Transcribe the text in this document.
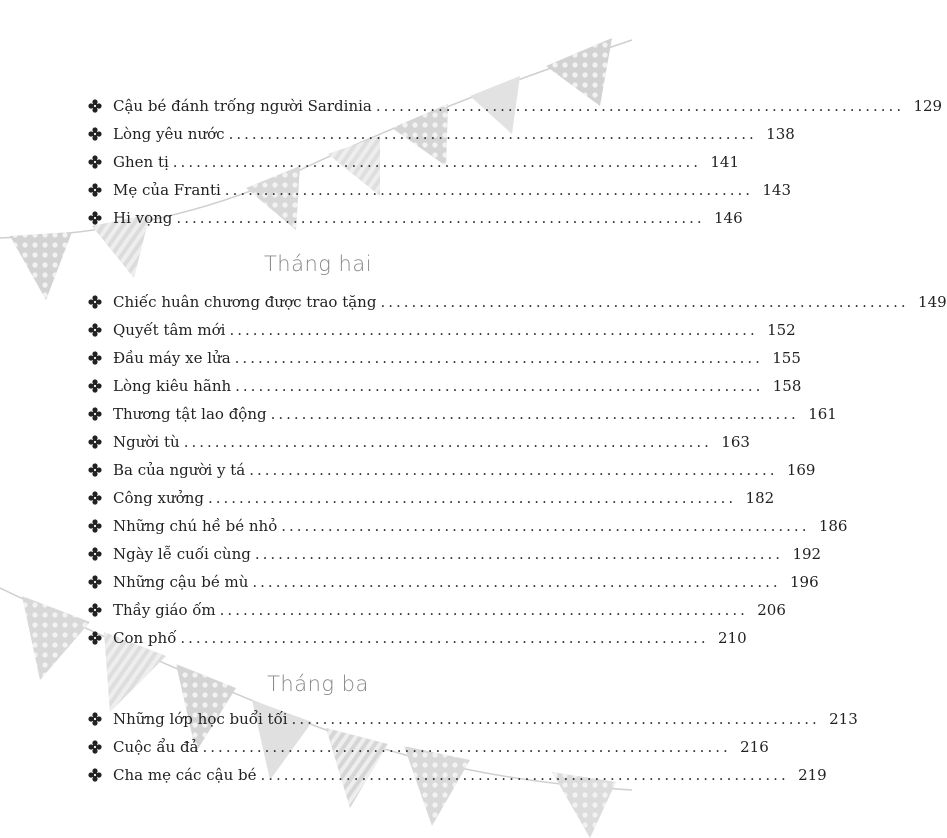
Cậu bé đánh trống người Sardinia .................................................................... 129
Lòng yêu nước .................................................................... 138
Ghen tị .................................................................... 141
Mẹ của Franti .................................................................... 143
Hi vọng .................................................................... 146
Tháng hai
Chiếc huân chương được trao tặng .................................................................... 149
Quyết tâm mới .................................................................... 152
Đầu máy xe lửa .................................................................... 155
Lòng kiêu hãnh .................................................................... 158
Thương tật lao động .................................................................... 161
Người tù .................................................................... 163
Ba của người y tá .................................................................... 169
Công xưởng .................................................................... 182
Những chú hề bé nhỏ .................................................................... 186
Ngày lễ cuối cùng .................................................................... 192
Những cậu bé mù .................................................................... 196
Thầy giáo ốm .................................................................... 206
Con phố .................................................................... 210
Tháng ba
Những lớp học buổi tối .................................................................... 213
Cuộc ẩu đả .................................................................... 216
Cha mẹ các cậu bé .................................................................... 219
